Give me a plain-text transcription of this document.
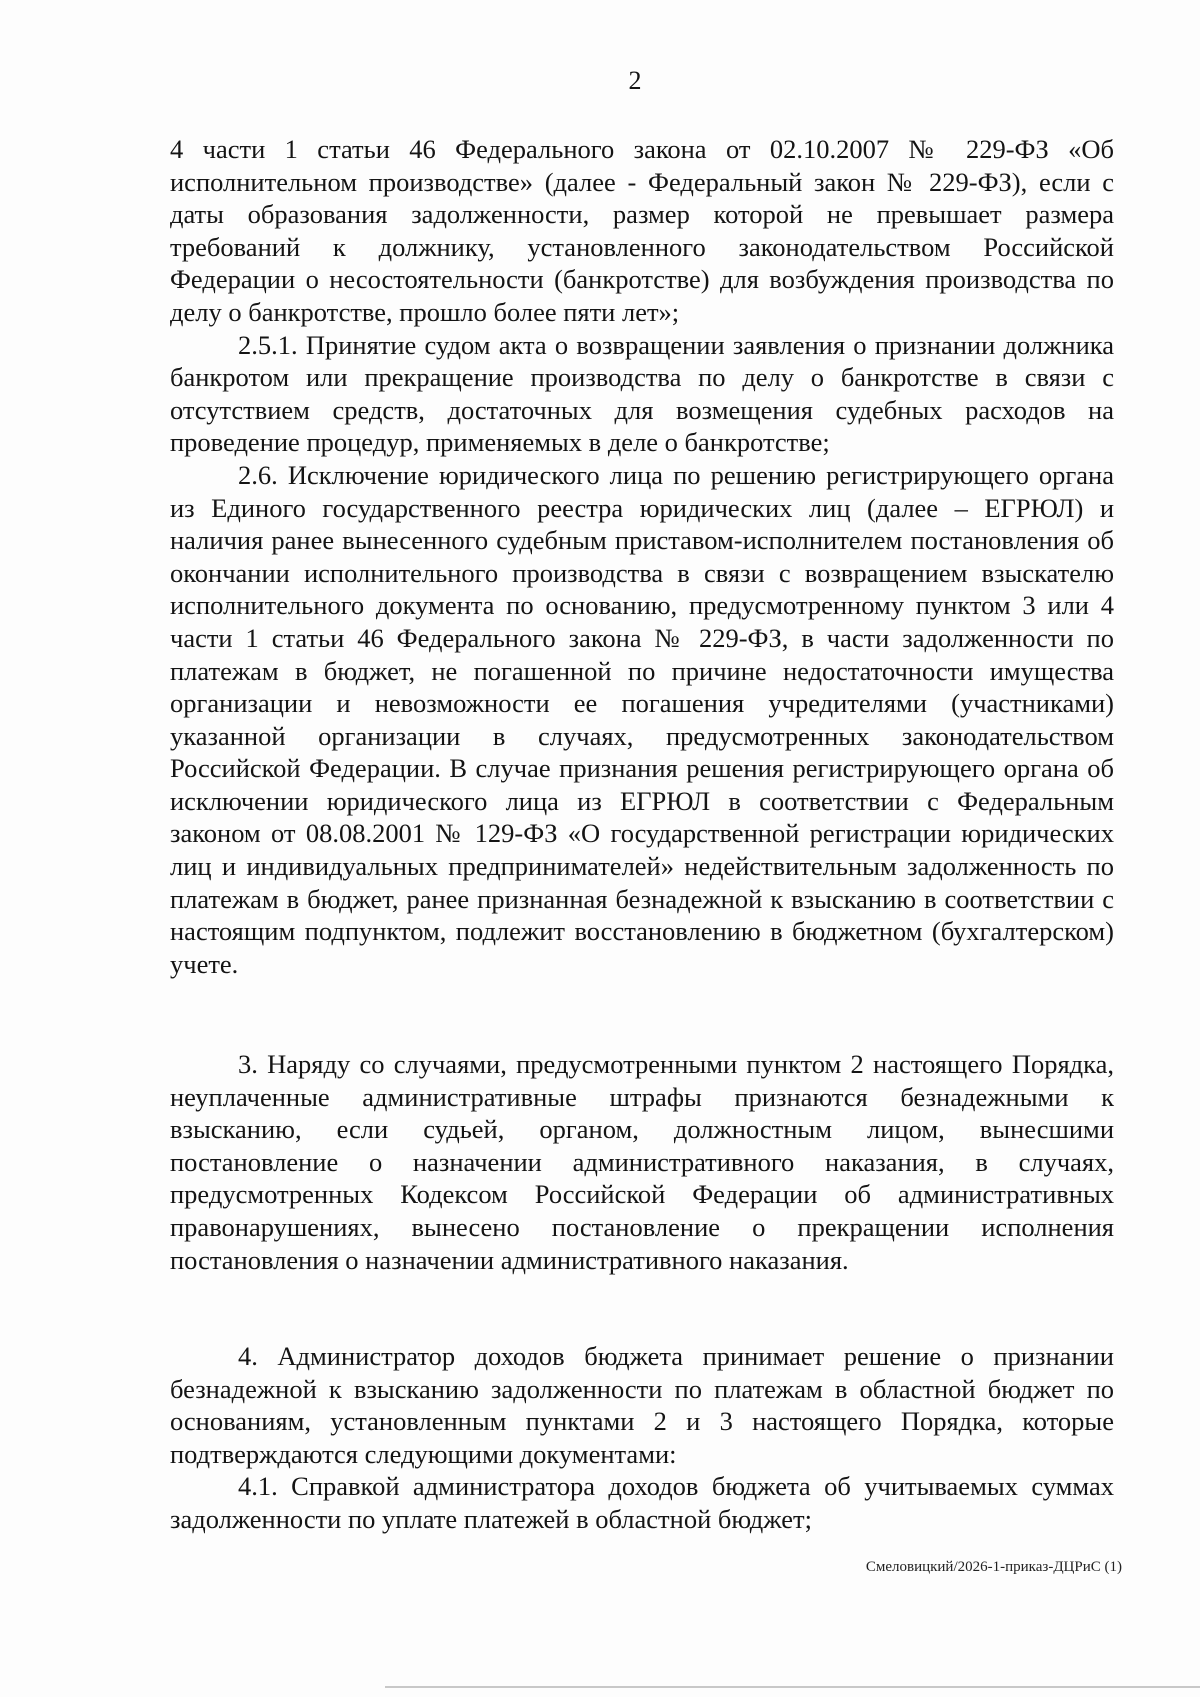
2

4 части 1 статьи 46 Федерального закона от 02.10.2007 № 229-ФЗ «Об исполнительном производстве» (далее - Федеральный закон № 229-ФЗ), если с даты образования задолженности, размер которой не превышает размера требований к должнику, установленного законодательством Российской Федерации о несостоятельности (банкротстве) для возбуждения производства по делу о банкротстве, прошло более пяти лет»;

2.5.1. Принятие судом акта о возвращении заявления о признании должника банкротом или прекращение производства по делу о банкротстве в связи с отсутствием средств, достаточных для возмещения судебных расходов на проведение процедур, применяемых в деле о банкротстве;

2.6. Исключение юридического лица по решению регистрирующего органа из Единого государственного реестра юридических лиц (далее – ЕГРЮЛ) и наличия ранее вынесенного судебным приставом-исполнителем постановления об окончании исполнительного производства в связи с возвращением взыскателю исполнительного документа по основанию, предусмотренному пунктом 3 или 4 части 1 статьи 46 Федерального закона № 229-ФЗ, в части задолженности по платежам в бюджет, не погашенной по причине недостаточности имущества организации и невозможности ее погашения учредителями (участниками) указанной организации в случаях, предусмотренных законодательством Российской Федерации. В случае признания решения регистрирующего органа об исключении юридического лица из ЕГРЮЛ в соответствии с Федеральным законом от 08.08.2001 № 129-ФЗ «О государственной регистрации юридических лиц и индивидуальных предпринимателей» недействительным задолженность по платежам в бюджет, ранее признанная безнадежной к взысканию в соответствии с настоящим подпунктом, подлежит восстановлению в бюджетном (бухгалтерском) учете.

3. Наряду со случаями, предусмотренными пунктом 2 настоящего Порядка, неуплаченные административные штрафы признаются безнадежными к взысканию, если судьей, органом, должностным лицом, вынесшими постановление о назначении административного наказания, в случаях, предусмотренных Кодексом Российской Федерации об административных правонарушениях, вынесено постановление о прекращении исполнения постановления о назначении административного наказания.

4. Администратор доходов бюджета принимает решение о признании безнадежной к взысканию задолженности по платежам в областной бюджет по основаниям, установленным пунктами 2 и 3 настоящего Порядка, которые подтверждаются следующими документами:

4.1. Справкой администратора доходов бюджета об учитываемых суммах задолженности по уплате платежей в областной бюджет;

Смеловицкий/2026-1-приказ-ДЦРиС (1)
